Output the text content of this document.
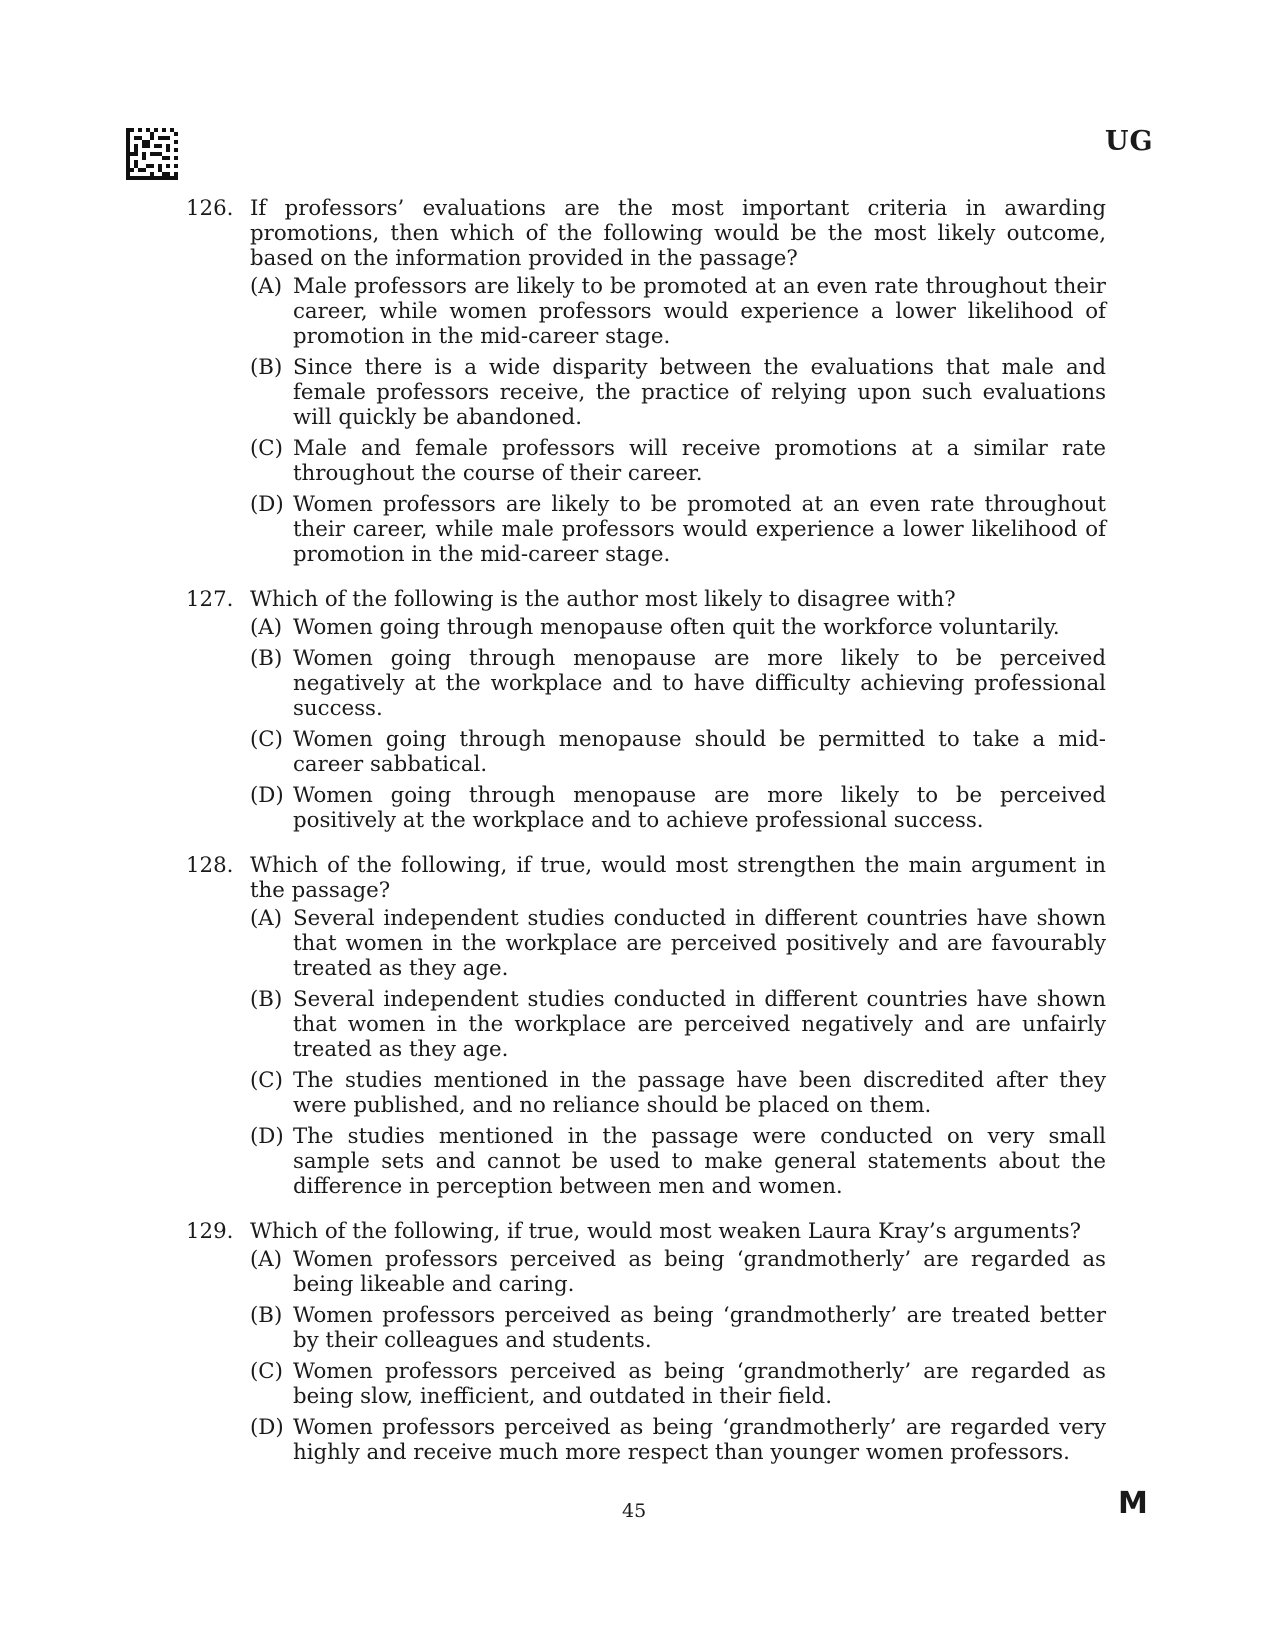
UG
126. If professors’ evaluations are the most important criteria in awarding promotions, then which of the following would be the most likely outcome, based on the information provided in the passage?
(A) Male professors are likely to be promoted at an even rate throughout their career, while women professors would experience a lower likelihood of promotion in the mid-career stage.
(B) Since there is a wide disparity between the evaluations that male and female professors receive, the practice of relying upon such evaluations will quickly be abandoned.
(C) Male and female professors will receive promotions at a similar rate throughout the course of their career.
(D) Women professors are likely to be promoted at an even rate throughout their career, while male professors would experience a lower likelihood of promotion in the mid-career stage.
127. Which of the following is the author most likely to disagree with?
(A) Women going through menopause often quit the workforce voluntarily.
(B) Women going through menopause are more likely to be perceived negatively at the workplace and to have difficulty achieving professional success.
(C) Women going through menopause should be permitted to take a mid-career sabbatical.
(D) Women going through menopause are more likely to be perceived positively at the workplace and to achieve professional success.
128. Which of the following, if true, would most strengthen the main argument in the passage?
(A) Several independent studies conducted in different countries have shown that women in the workplace are perceived positively and are favourably treated as they age.
(B) Several independent studies conducted in different countries have shown that women in the workplace are perceived negatively and are unfairly treated as they age.
(C) The studies mentioned in the passage have been discredited after they were published, and no reliance should be placed on them.
(D) The studies mentioned in the passage were conducted on very small sample sets and cannot be used to make general statements about the difference in perception between men and women.
129. Which of the following, if true, would most weaken Laura Kray’s arguments?
(A) Women professors perceived as being ‘grandmotherly’ are regarded as being likeable and caring.
(B) Women professors perceived as being ‘grandmotherly’ are treated better by their colleagues and students.
(C) Women professors perceived as being ‘grandmotherly’ are regarded as being slow, inefficient, and outdated in their field.
(D) Women professors perceived as being ‘grandmotherly’ are regarded very highly and receive much more respect than younger women professors.
45	M
